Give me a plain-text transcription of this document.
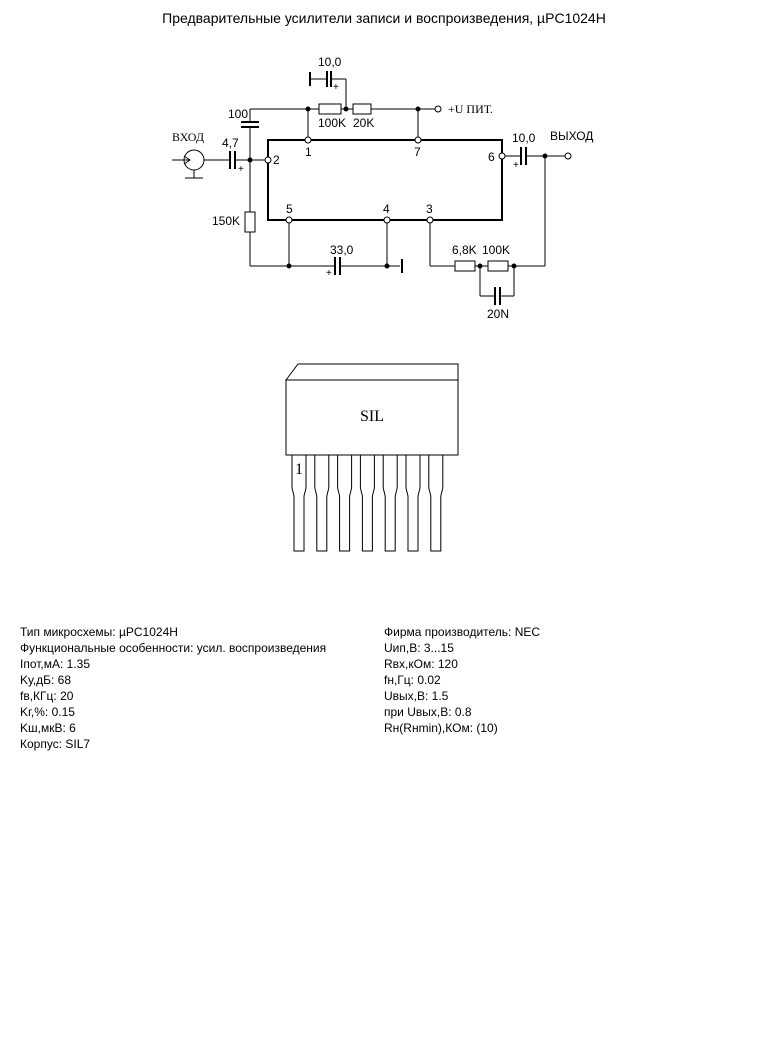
Предварительные усилители записи и воспроизведения, µPC1024H
10,0
+
100
100K 20K
+U ПИТ.
ВХОД 4,7
+
10,0
+
ВЫХОД
150K
33,0
+
6,8K 100K
20N
1
2
3
4
5
6
7
SIL
1
Тип микросхемы: µPC1024H
Функциональные особенности: усил. воспроизведения
Iпот,мА: 1.35
Kу,дБ: 68
fв,КГц: 20
Kг,%: 0.15
Kш,мкВ: 6
Корпус: SIL7
Фирма производитель: NEC
Uип,В: 3...15
Rвх,кОм: 120
fн,Гц: 0.02
Uвых,В: 1.5
при Uвых,В: 0.8
Rн(Rнmin),КОм: (10)
